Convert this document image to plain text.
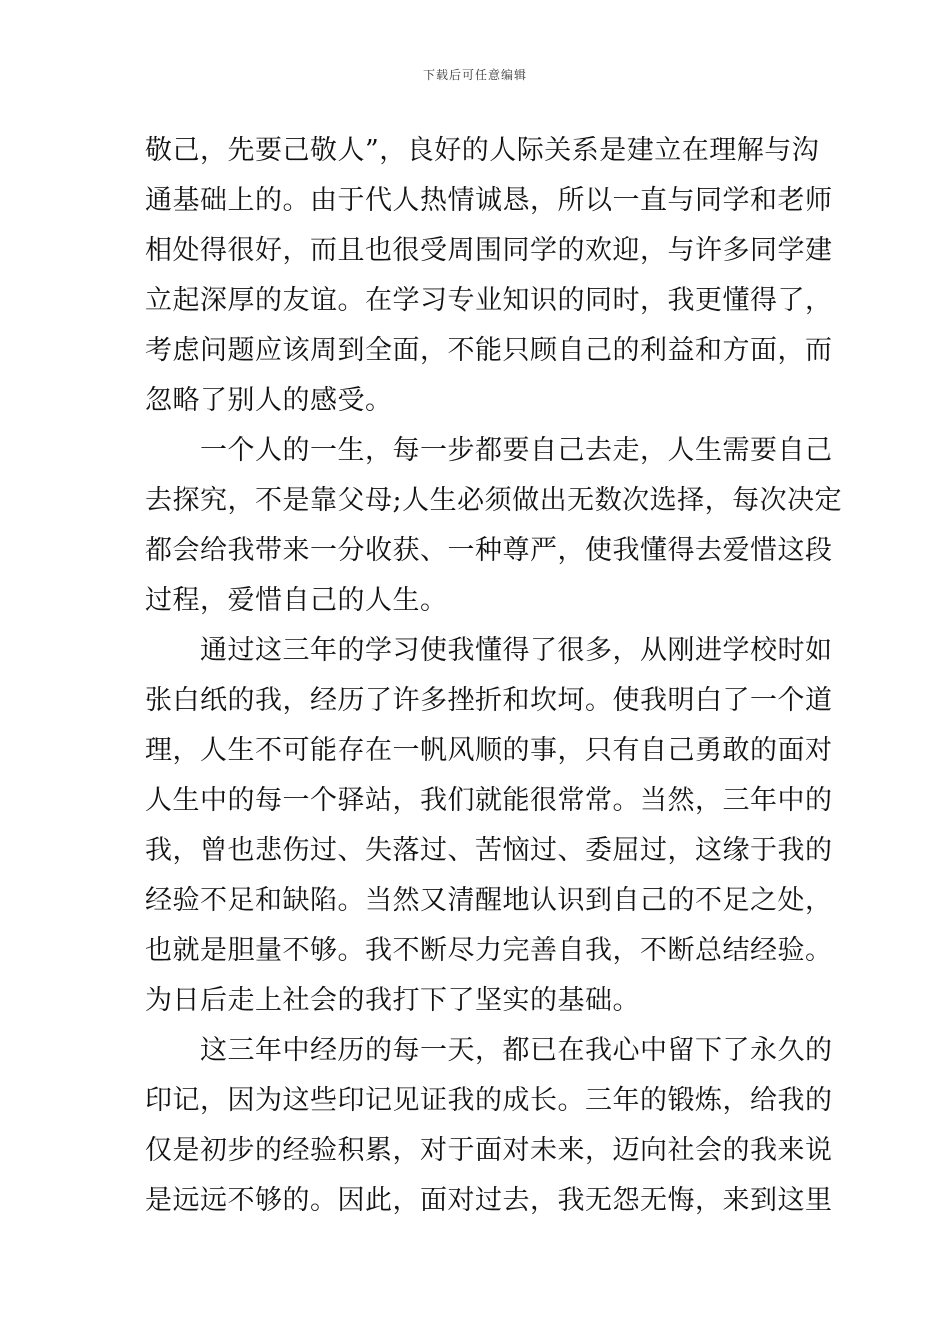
下载后可任意编辑

敬己，先要己敬人”，良好的人际关系是建立在理解与沟
通基础上的。由于代人热情诚恳，所以一直与同学和老师
相处得很好，而且也很受周围同学的欢迎，与许多同学建
立起深厚的友谊。在学习专业知识的同时，我更懂得了，
考虑问题应该周到全面，不能只顾自己的利益和方面，而
忽略了别人的感受。

　　一个人的一生，每一步都要自己去走，人生需要自己
去探究，不是靠父母;人生必须做出无数次选择，每次决定
都会给我带来一分收获、一种尊严，使我懂得去爱惜这段
过程，爱惜自己的人生。

　　通过这三年的学习使我懂得了很多，从刚进学校时如
张白纸的我，经历了许多挫折和坎坷。使我明白了一个道
理，人生不可能存在一帆风顺的事，只有自己勇敢的面对
人生中的每一个驿站，我们就能很常常。当然，三年中的
我，曾也悲伤过、失落过、苦恼过、委屈过，这缘于我的
经验不足和缺陷。当然又清醒地认识到自己的不足之处，
也就是胆量不够。我不断尽力完善自我，不断总结经验。
为日后走上社会的我打下了坚实的基础。

　　这三年中经历的每一天，都已在我心中留下了永久的
印记，因为这些印记见证我的成长。三年的锻炼，给我的
仅是初步的经验积累，对于面对未来，迈向社会的我来说
是远远不够的。因此，面对过去，我无怨无悔，来到这里
